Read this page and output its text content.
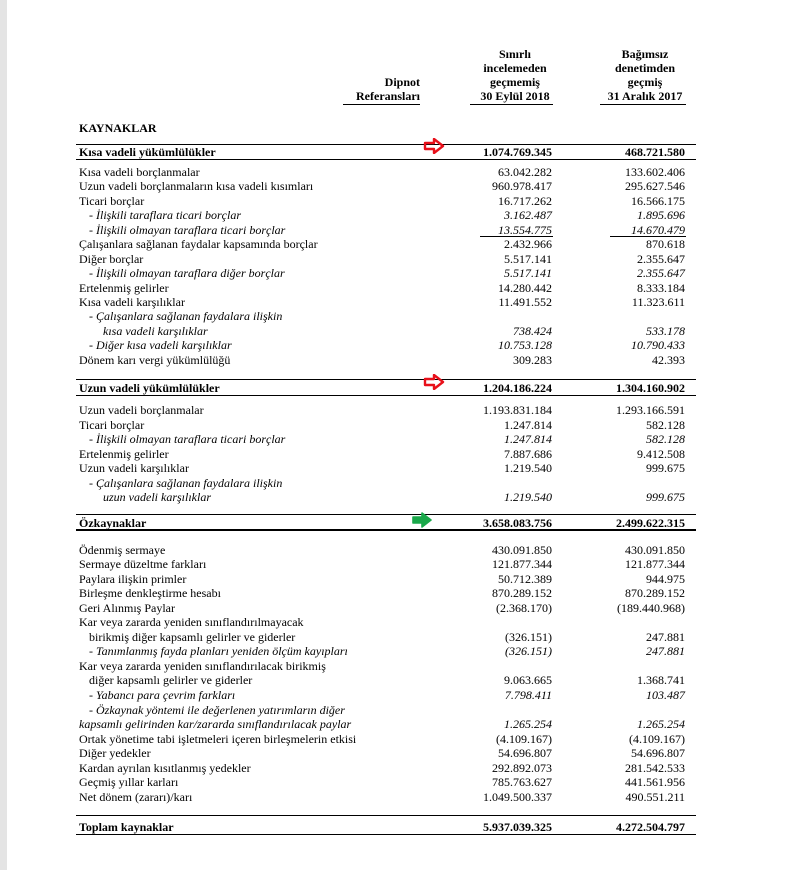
Dipnot
Referansları
Sınırlı
incelemeden
geçmemiş
30 Eylül 2018
Bağımsız
denetimden
geçmiş
31 Aralık 2017
KAYNAKLAR
Kısa vadeli yükümlülükler	1.074.769.345	468.721.580
Kısa vadeli borçlanmalar	63.042.282	133.602.406
Uzun vadeli borçlanmaların kısa vadeli kısımları	960.978.417	295.627.546
Ticari borçlar	16.717.262	16.566.175
- İlişkili taraflara ticari borçlar	3.162.487	1.895.696
- İlişkili olmayan taraflara ticari borçlar	13.554.775	14.670.479
Çalışanlara sağlanan faydalar kapsamında borçlar	2.432.966	870.618
Diğer borçlar	5.517.141	2.355.647
- İlişkili olmayan taraflara diğer borçlar	5.517.141	2.355.647
Ertelenmiş gelirler	14.280.442	8.333.184
Kısa vadeli karşılıklar	11.491.552	11.323.611
- Çalışanlara sağlanan faydalara ilişkin
kısa vadeli karşılıklar	738.424	533.178
- Diğer kısa vadeli karşılıklar	10.753.128	10.790.433
Dönem karı vergi yükümlülüğü	309.283	42.393
Uzun vadeli yükümlülükler	1.204.186.224	1.304.160.902
Uzun vadeli borçlanmalar	1.193.831.184	1.293.166.591
Ticari borçlar	1.247.814	582.128
- İlişkili olmayan taraflara ticari borçlar	1.247.814	582.128
Ertelenmiş gelirler	7.887.686	9.412.508
Uzun vadeli karşılıklar	1.219.540	999.675
- Çalışanlara sağlanan faydalara ilişkin
uzun vadeli karşılıklar	1.219.540	999.675
Özkaynaklar	3.658.083.756	2.499.622.315
Ödenmiş sermaye	430.091.850	430.091.850
Sermaye düzeltme farkları	121.877.344	121.877.344
Paylara ilişkin primler	50.712.389	944.975
Birleşme denkleştirme hesabı	870.289.152	870.289.152
Geri Alınmış Paylar	(2.368.170)	(189.440.968)
Kar veya zararda yeniden sınıflandırılmayacak
birikmiş diğer kapsamlı gelirler ve giderler	(326.151)	247.881
- Tanımlanmış fayda planları yeniden ölçüm kayıpları	(326.151)	247.881
Kar veya zararda yeniden sınıflandırılacak birikmiş
diğer kapsamlı gelirler ve giderler	9.063.665	1.368.741
- Yabancı para çevrim farkları	7.798.411	103.487
- Özkaynak yöntemi ile değerlenen yatırımların diğer
kapsamlı gelirinden kar/zararda sınıflandırılacak paylar	1.265.254	1.265.254
Ortak yönetime tabi işletmeleri içeren birleşmelerin etkisi	(4.109.167)	(4.109.167)
Diğer yedekler	54.696.807	54.696.807
Kardan ayrılan kısıtlanmış yedekler	292.892.073	281.542.533
Geçmiş yıllar karları	785.763.627	441.561.956
Net dönem (zararı)/karı	1.049.500.337	490.551.211
Toplam kaynaklar	5.937.039.325	4.272.504.797
